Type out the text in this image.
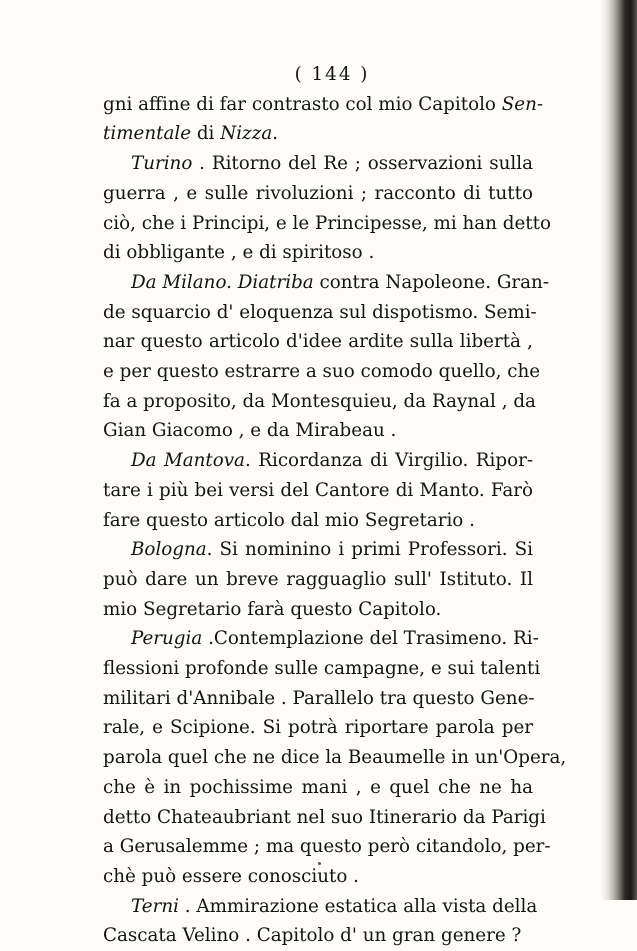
( 144 )
gni affine di far contrasto col mio Capitolo Sen-
timentale di Nizza.
Turino . Ritorno del Re ; osservazioni sulla
guerra , e sulle rivoluzioni ; racconto di tutto
ciò, che i Principi, e le Principesse, mi han detto
di obbligante , e di spiritoso .
Da Milano. Diatriba contra Napoleone. Gran-
de squarcio d' eloquenza sul dispotismo. Semi-
nar questo articolo d'idee ardite sulla libertà ,
e per questo estrarre a suo comodo quello, che
fa a proposito, da Montesquieu, da Raynal , da
Gian Giacomo , e da Mirabeau .
Da Mantova. Ricordanza di Virgilio. Ripor-
tare i più bei versi del Cantore di Manto. Farò
fare questo articolo dal mio Segretario .
Bologna. Si nominino i primi Professori. Si
può dare un breve ragguaglio sull' Istituto. Il
mio Segretario farà questo Capitolo.
Perugia .Contemplazione del Trasimeno. Ri-
flessioni profonde sulle campagne, e sui talenti
militari d'Annibale . Parallelo tra questo Gene-
rale, e Scipione. Si potrà riportare parola per
parola quel che ne dice la Beaumelle in un'Opera,
che è in pochissime mani , e quel che ne ha
detto Chateaubriant nel suo Itinerario da Parigi
a Gerusalemme ; ma questo però citandolo, per-
chè può essere conosciuto .
Terni . Ammirazione estatica alla vista della
Cascata Velino . Capitolo d' un gran genere ?
